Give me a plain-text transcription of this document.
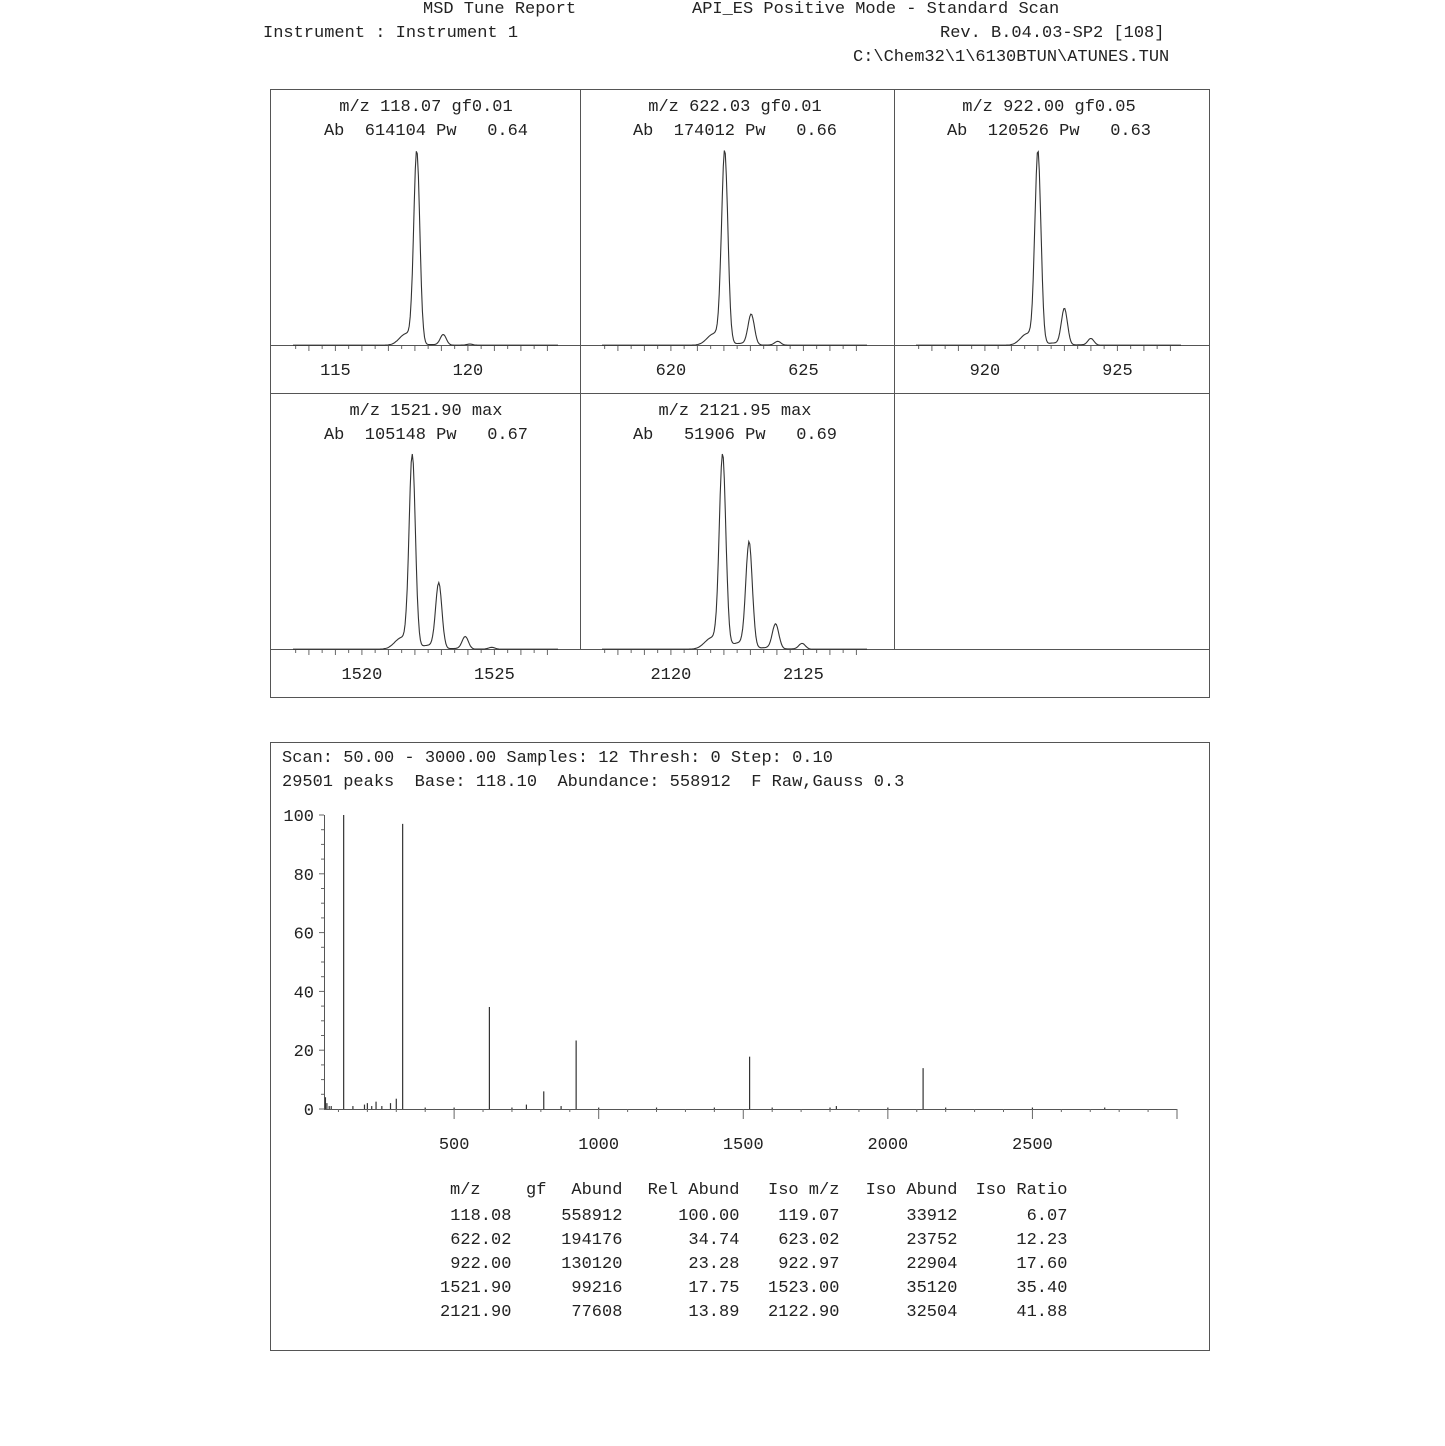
MSD Tune Report	API_ES Positive Mode - Standard Scan
Instrument : Instrument 1	Rev. B.04.03-SP2 [108]
C:\Chem32\1\6130BTUN\ATUNES.TUN
m/z 118.07 gf0.01
Ab  614104 Pw   0.64
115	120
m/z 622.03 gf0.01
Ab  174012 Pw   0.66
620	625
m/z 922.00 gf0.05
Ab  120526 Pw   0.63
920	925
m/z 1521.90 max
Ab  105148 Pw   0.67
1520	1525
m/z 2121.95 max
Ab   51906 Pw   0.69
2120	2125
Scan: 50.00 - 3000.00 Samples: 12 Thresh: 0 Step: 0.10
29501 peaks  Base: 118.10  Abundance: 558912  F Raw,Gauss 0.3
0
20
40
60
80
100
500	1000	1500	2000	2500
m/z	gf	Abund	Rel Abund	Iso m/z	Iso Abund	Iso Ratio
118.08		558912	100.00	119.07	33912	6.07
622.02		194176	34.74	623.02	23752	12.23
922.00		130120	23.28	922.97	22904	17.60
1521.90		99216	17.75	1523.00	35120	35.40
2121.90		77608	13.89	2122.90	32504	41.88
